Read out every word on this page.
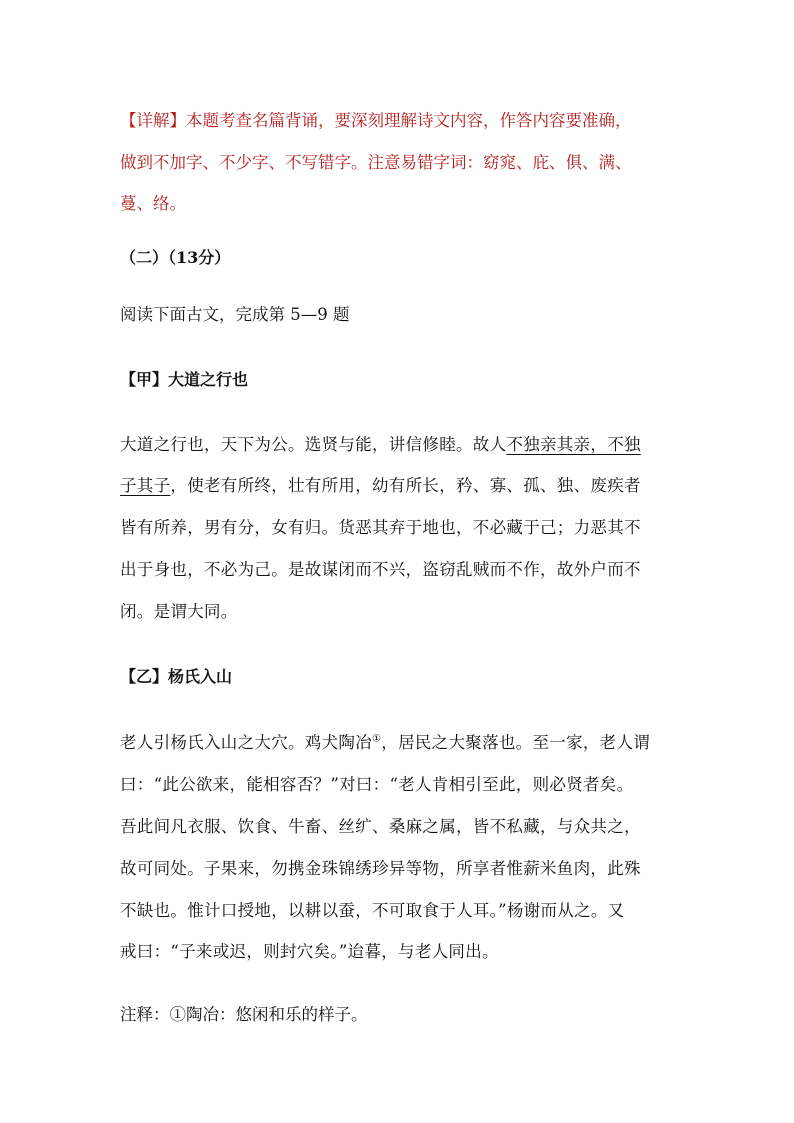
【详解】本题考查名篇背诵，要深刻理解诗文内容，作答内容要准确，

做到不加字、不少字、不写错字。注意易错字词：窈窕、庇、俱、满、

蔓、络。

（二）（13分）

阅读下面古文，完成第 5—9 题

【甲】大道之行也

大道之行也，天下为公。选贤与能，讲信修睦。故人不独亲其亲，不独

子其子，使老有所终，壮有所用，幼有所长，矜、寡、孤、独、废疾者

皆有所养，男有分，女有归。货恶其弃于地也，不必藏于己；力恶其不

出于身也，不必为己。是故谋闭而不兴，盗窃乱贼而不作，故外户而不

闭。是谓大同。

【乙】杨氏入山

老人引杨氏入山之大穴。鸡犬陶冶①，居民之大聚落也。至一家，老人谓

曰：“此公欲来，能相容否？”对曰：“老人肯相引至此，则必贤者矣。

吾此间凡衣服、饮食、牛畜、丝纩、桑麻之属，皆不私藏，与众共之，

故可同处。子果来，勿携金珠锦绣珍异等物，所享者惟薪米鱼肉，此殊

不缺也。惟计口授地，以耕以蚕，不可取食于人耳。”杨谢而从之。又

戒曰：“子来或迟，则封穴矣。”迨暮，与老人同出。

注释：①陶冶：悠闲和乐的样子。
